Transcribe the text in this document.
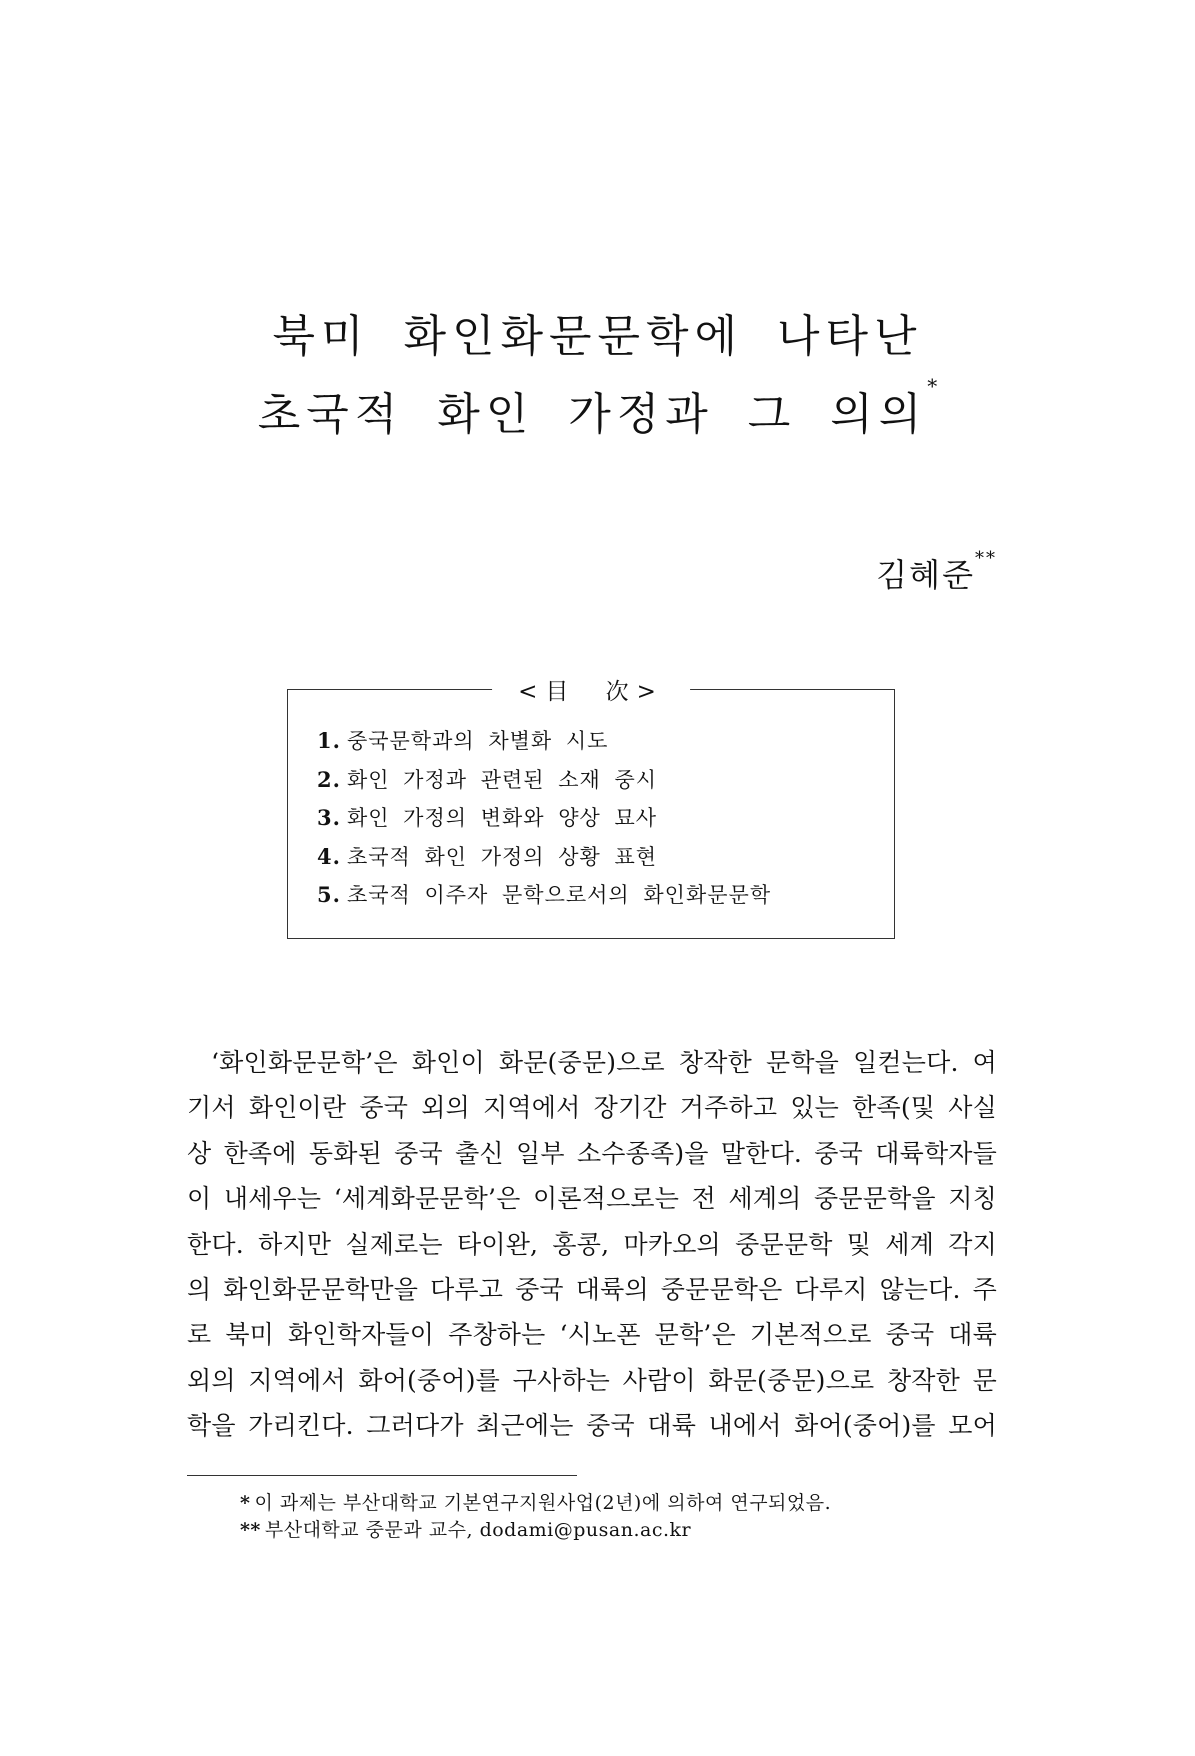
북미 화인화문문학에 나타난
초국적 화인 가정과 그 의의*
김혜준**
<目 次>
1. 중국문학과의 차별화 시도
2. 화인 가정과 관련된 소재 중시
3. 화인 가정의 변화와 양상 묘사
4. 초국적 화인 가정의 상황 표현
5. 초국적 이주자 문학으로서의 화인화문문학
‘화인화문문학’은 화인이 화문(중문)으로 창작한 문학을 일컫는다. 여
기서 화인이란 중국 외의 지역에서 장기간 거주하고 있는 한족(및 사실
상 한족에 동화된 중국 출신 일부 소수종족)을 말한다. 중국 대륙학자들
이 내세우는 ‘세계화문문학’은 이론적으로는 전 세계의 중문문학을 지칭
한다. 하지만 실제로는 타이완, 홍콩, 마카오의 중문문학 및 세계 각지
의 화인화문문학만을 다루고 중국 대륙의 중문문학은 다루지 않는다. 주
로 북미 화인학자들이 주창하는 ‘시노폰 문학’은 기본적으로 중국 대륙
외의 지역에서 화어(중어)를 구사하는 사람이 화문(중문)으로 창작한 문
학을 가리킨다. 그러다가 최근에는 중국 대륙 내에서 화어(중어)를 모어
* 이 과제는 부산대학교 기본연구지원사업(2년)에 의하여 연구되었음.
** 부산대학교 중문과 교수, dodami@pusan.ac.kr
